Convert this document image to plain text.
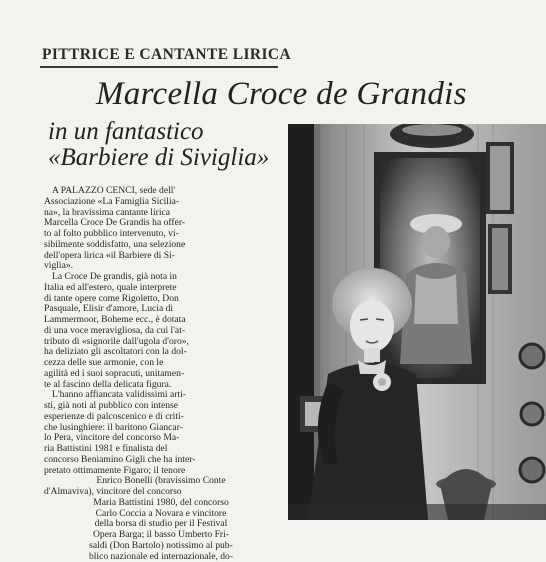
PITTRICE E CANTANTE LIRICA
Marcella Croce de Grandis
in un fantastico
«Barbiere di Siviglia»

A PALAZZO CENCI, sede dell'

Associazione «La Famiglia Sicilia-

na», la bravissima cantante lirica

Marcella Croce De Grandis ha offer-

to al folto pubblico intervenuto, vi-

sibilmente soddisfatto, una selezione

dell'opera lirica «il Barbiere di Si-

viglia».

La Croce De grandis, già nota in

Italia ed all'estero, quale interprete

di tante opere come Rigoletto, Don

Pasquale, Elisir d'amore, Lucia di

Lammermoor, Boheme ecc., è dotata

di una voce meravigliosa, da cui l'at-

tributo di «signorile dall'ugola d'oro»,

ha deliziato gli ascoltatori con la dol-

cezza delle sue armonie, con le

agilità ed i suoi sopracuti, unitamen-

te al fascino della delicata figura.

L'hanno affiancata validissimi arti-

sti, già noti al pubblico con intense

esperienze di palcoscenico e di criti-

che lusinghiere: il baritono Giancar-

lo Pera, vincitore del concorso Ma-

ria Battistini 1981 e finalista del

concorso Beniamino Gigli che ha inter-

pretato ottimamente Figaro; il tenore

Enrico Bonelli (bravissimo Conte

d'Almaviva), vincitore del concorso

Maria Battistini 1980, del concorso

Carlo Coccia a Novara e vincitore

della borsa di studio per il Festival

Opera Barga; il basso Umberto Fri-

saldi (Don Bartolo) notissimo al pub-

blico nazionale ed internazionale, do-
